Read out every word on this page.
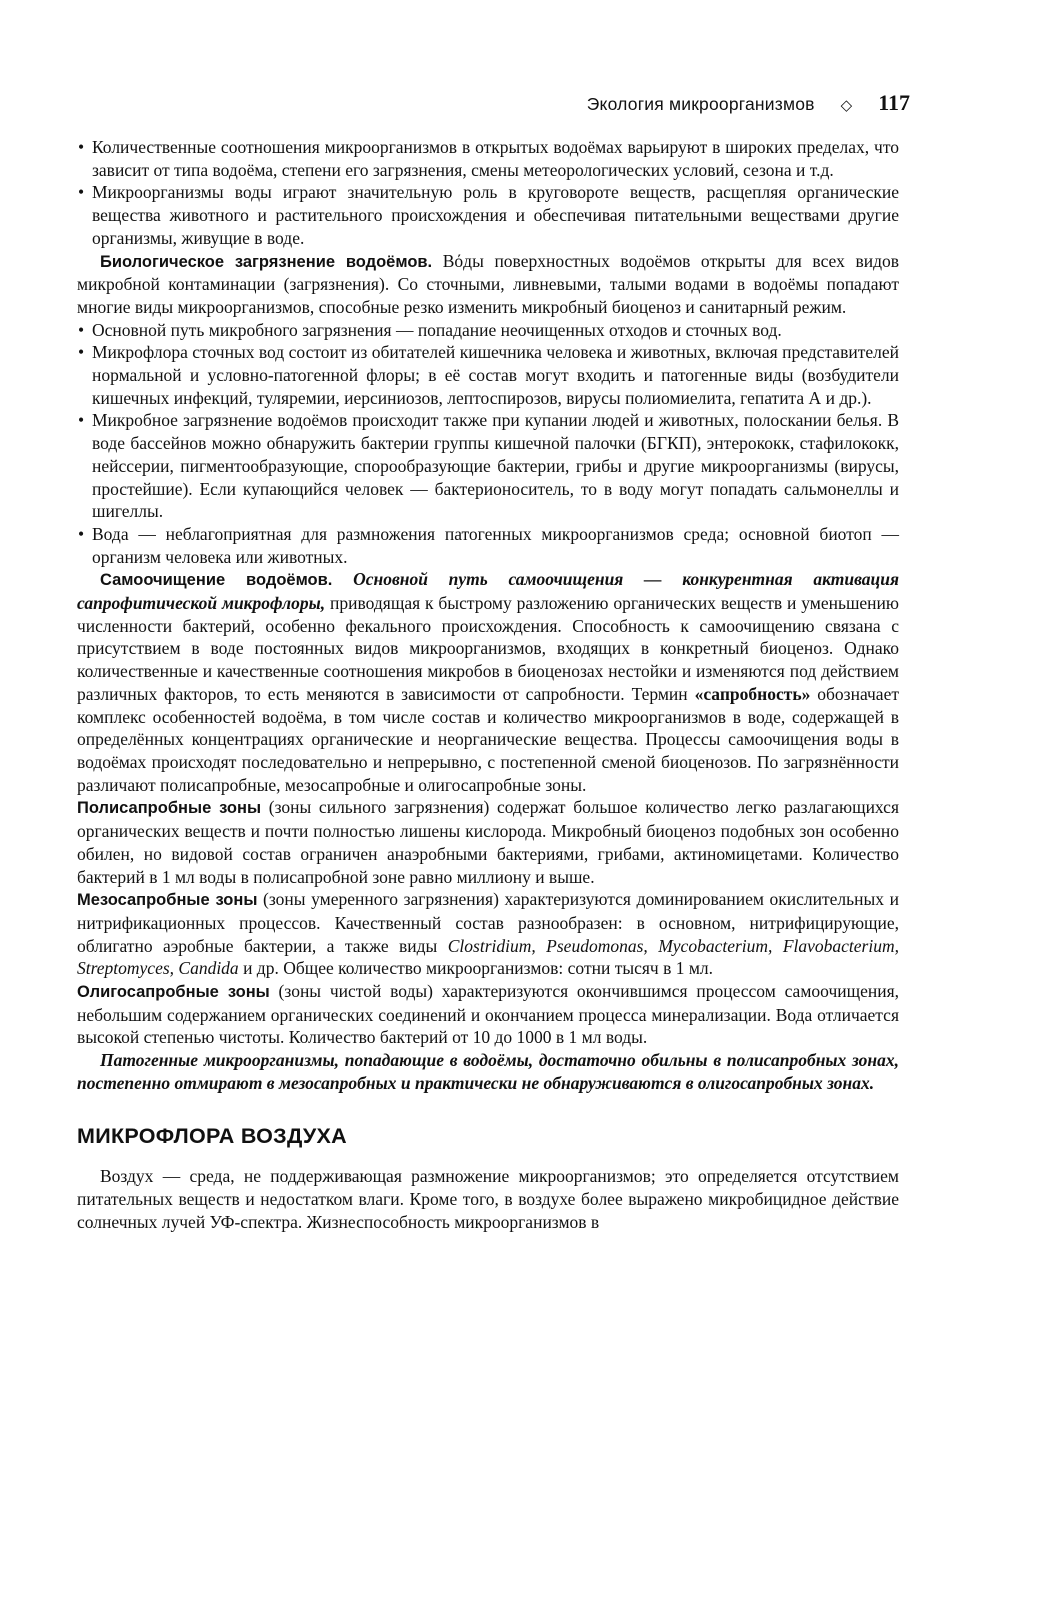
Экология микроорганизмов ◇ 117

• Количественные соотношения микроорганизмов в открытых водоёмах варьируют в широких пределах, что зависит от типа водоёма, степени его загрязнения, смены метеорологических условий, сезона и т.д.

• Микроорганизмы воды играют значительную роль в круговороте веществ, расщепляя органические вещества животного и растительного происхождения и обеспечивая питательными веществами другие организмы, живущие в воде.

Биологическое загрязнение водоёмов. Вόды поверхностных водоёмов открыты для всех видов микробной контаминации (загрязнения). Со сточными, ливневыми, талыми водами в водоёмы попадают многие виды микроорганизмов, способные резко изменить микробный биоценоз и санитарный режим.

• Основной путь микробного загрязнения — попадание неочищенных отходов и сточных вод.

• Микрофлора сточных вод состоит из обитателей кишечника человека и животных, включая представителей нормальной и условно-патогенной флоры; в её состав могут входить и патогенные виды (возбудители кишечных инфекций, туляремии, иерсиниозов, лептоспирозов, вирусы полиомиелита, гепатита А и др.).

• Микробное загрязнение водоёмов происходит также при купании людей и животных, полоскании белья. В воде бассейнов можно обнаружить бактерии группы кишечной палочки (БГКП), энтерококк, стафилококк, нейссерии, пигментообразующие, спорообразующие бактерии, грибы и другие микроорганизмы (вирусы, простейшие). Если купающийся человек — бактерионоситель, то в воду могут попадать сальмонеллы и шигеллы.

• Вода — неблагоприятная для размножения патогенных микроорганизмов среда; основной биотоп — организм человека или животных.

Самоочищение водоёмов. Основной путь самоочищения — конкурентная активация сапрофитической микрофлоры, приводящая к быстрому разложению органических веществ и уменьшению численности бактерий, особенно фекального происхождения. Способность к самоочищению связана с присутствием в воде постоянных видов микроорганизмов, входящих в конкретный биоценоз. Однако количественные и качественные соотношения микробов в биоценозах нестойки и изменяются под действием различных факторов, то есть меняются в зависимости от сапробности. Термин «сапробность» обозначает комплекс особенностей водоёма, в том числе состав и количество микроорганизмов в воде, содержащей в определённых концентрациях органические и неорганические вещества. Процессы самоочищения воды в водоёмах происходят последовательно и непрерывно, с постепенной сменой биоценозов. По загрязнённости различают полисапробные, мезосапробные и олигосапробные зоны.

Полисапробные зоны (зоны сильного загрязнения) содержат большое количество легко разлагающихся органических веществ и почти полностью лишены кислорода. Микробный биоценоз подобных зон особенно обилен, но видовой состав ограничен анаэробными бактериями, грибами, актиномицетами. Количество бактерий в 1 мл воды в полисапробной зоне равно миллиону и выше.

Мезосапробные зоны (зоны умеренного загрязнения) характеризуются доминированием окислительных и нитрификационных процессов. Качественный состав разнообразен: в основном, нитрифицирующие, облигатно аэробные бактерии, а также виды Clostridium, Pseudomonas, Mycobacterium, Flavobacterium, Streptomyces, Candida и др. Общее количество микроорганизмов: сотни тысяч в 1 мл.

Олигосапробные зоны (зоны чистой воды) характеризуются окончившимся процессом самоочищения, небольшим содержанием органических соединений и окончанием процесса минерализации. Вода отличается высокой степенью чистоты. Количество бактерий от 10 до 1000 в 1 мл воды.

Патогенные микроорганизмы, попадающие в водоёмы, достаточно обильны в полисапробных зонах, постепенно отмирают в мезосапробных и практически не обнаруживаются в олигосапробных зонах.

МИКРОФЛОРА ВОЗДУХА

Воздух — среда, не поддерживающая размножение микроорганизмов; это определяется отсутствием питательных веществ и недостатком влаги. Кроме того, в воздухе более выражено микробицидное действие солнечных лучей УФ-спектра. Жизнеспособность микроорганизмов в
